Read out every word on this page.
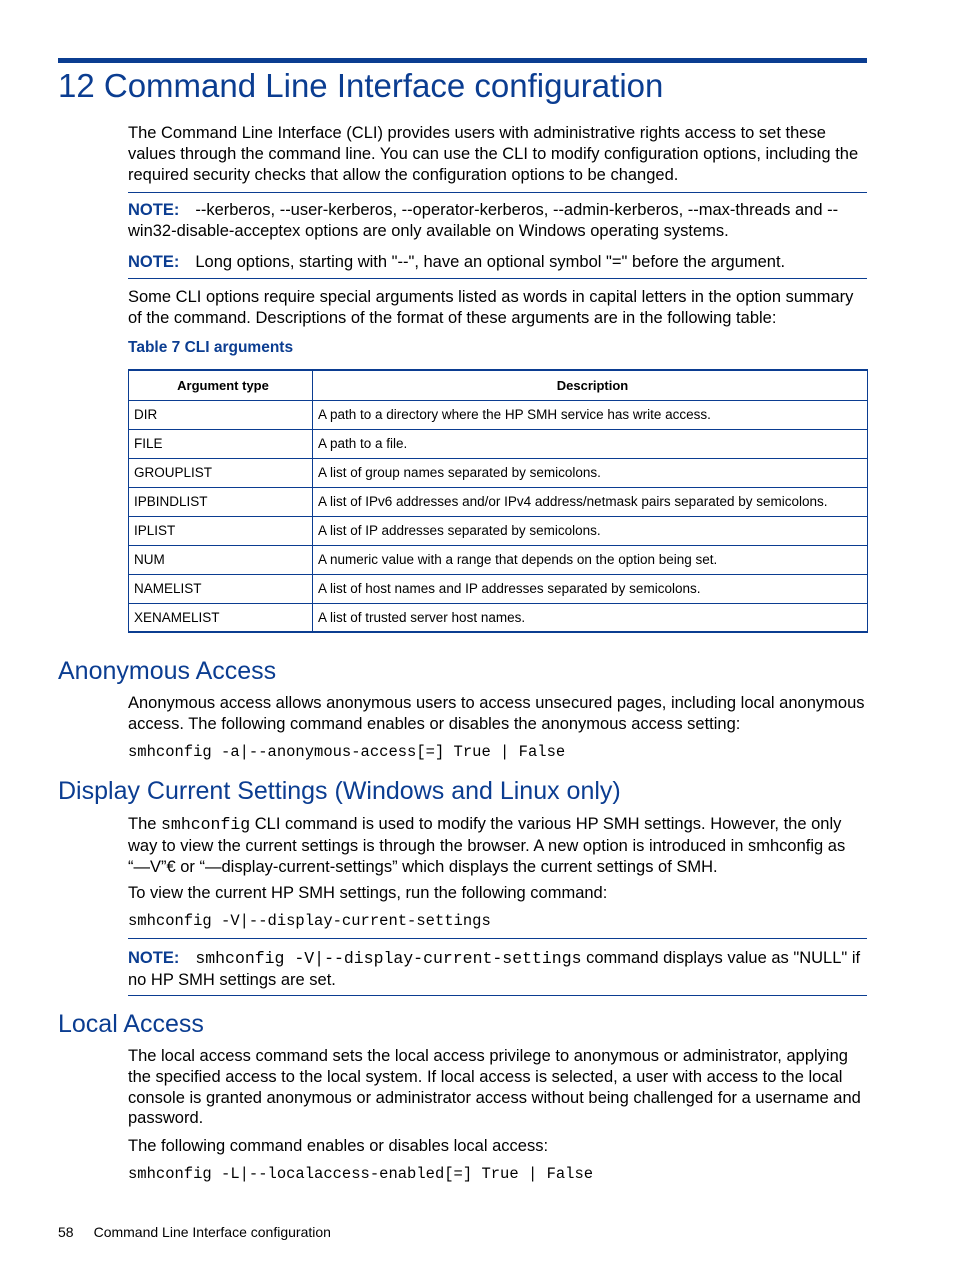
12 Command Line Interface configuration

The Command Line Interface (CLI) provides users with administrative rights access to set these values through the command line. You can use the CLI to modify configuration options, including the required security checks that allow the configuration options to be changed.

NOTE: --kerberos, --user-kerberos, --operator-kerberos, --admin-kerberos, --max-threads and --win32-disable-acceptex options are only available on Windows operating systems.

NOTE: Long options, starting with "--", have an optional symbol "=" before the argument.

Some CLI options require special arguments listed as words in capital letters in the option summary of the command. Descriptions of the format of these arguments are in the following table:

Table 7 CLI arguments

Argument type	Description
DIR	A path to a directory where the HP SMH service has write access.
FILE	A path to a file.
GROUPLIST	A list of group names separated by semicolons.
IPBINDLIST	A list of IPv6 addresses and/or IPv4 address/netmask pairs separated by semicolons.
IPLIST	A list of IP addresses separated by semicolons.
NUM	A numeric value with a range that depends on the option being set.
NAMELIST	A list of host names and IP addresses separated by semicolons.
XENAMELIST	A list of trusted server host names.
Anonymous Access

Anonymous access allows anonymous users to access unsecured pages, including local anonymous access. The following command enables or disables the anonymous access setting:

smhconfig -a|--anonymous-access[=] True | False
Display Current Settings (Windows and Linux only)

The smhconfig CLI command is used to modify the various HP SMH settings. However, the only way to view the current settings is through the browser. A new option is introduced in smhconfig as “—V”€ or “—display-current-settings” which displays the current settings of SMH.

To view the current HP SMH settings, run the following command:

smhconfig -V|--display-current-settings

NOTE: smhconfig -V|--display-current-settings command displays value as "NULL" if no HP SMH settings are set.

Local Access

The local access command sets the local access privilege to anonymous or administrator, applying the specified access to the local system. If local access is selected, a user with access to the local console is granted anonymous or administrator access without being challenged for a username and password.

The following command enables or disables local access:

smhconfig -L|--localaccess-enabled[=] True | False

58 Command Line Interface configuration
